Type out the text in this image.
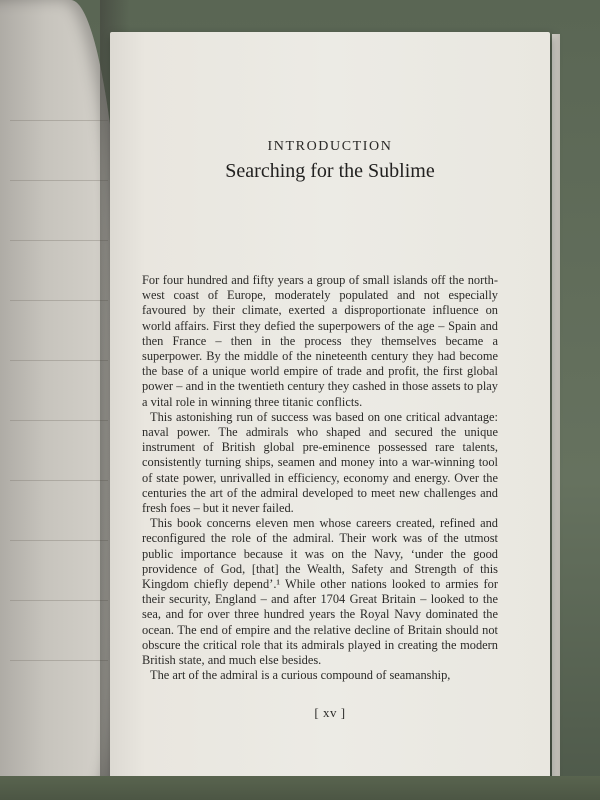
INTRODUCTION
Searching for the Sublime

For four hundred and fifty years a group of small islands off the north-west coast of Europe, moderately populated and not especially favoured by their climate, exerted a disproportionate influence on world affairs. First they defied the superpowers of the age – Spain and then France – then in the process they themselves became a superpower. By the middle of the nineteenth century they had become the base of a unique world empire of trade and profit, the first global power – and in the twentieth century they cashed in those assets to play a vital role in winning three titanic conflicts.

This astonishing run of success was based on one critical advantage: naval power. The admirals who shaped and secured the unique instrument of British global pre-eminence possessed rare talents, consistently turning ships, seamen and money into a war-winning tool of state power, unrivalled in efficiency, economy and energy. Over the centuries the art of the admiral developed to meet new challenges and fresh foes – but it never failed.

This book concerns eleven men whose careers created, refined and reconfigured the role of the admiral. Their work was of the utmost public importance because it was on the Navy, ‘under the good providence of God, [that] the Wealth, Safety and Strength of this Kingdom chiefly depend’.¹ While other nations looked to armies for their security, England – and after 1704 Great Britain – looked to the sea, and for over three hundred years the Royal Navy dominated the ocean. The end of empire and the relative decline of Britain should not obscure the critical role that its admirals played in creating the modern British state, and much else besides.

The art of the admiral is a curious compound of seamanship,

[ xv ]
